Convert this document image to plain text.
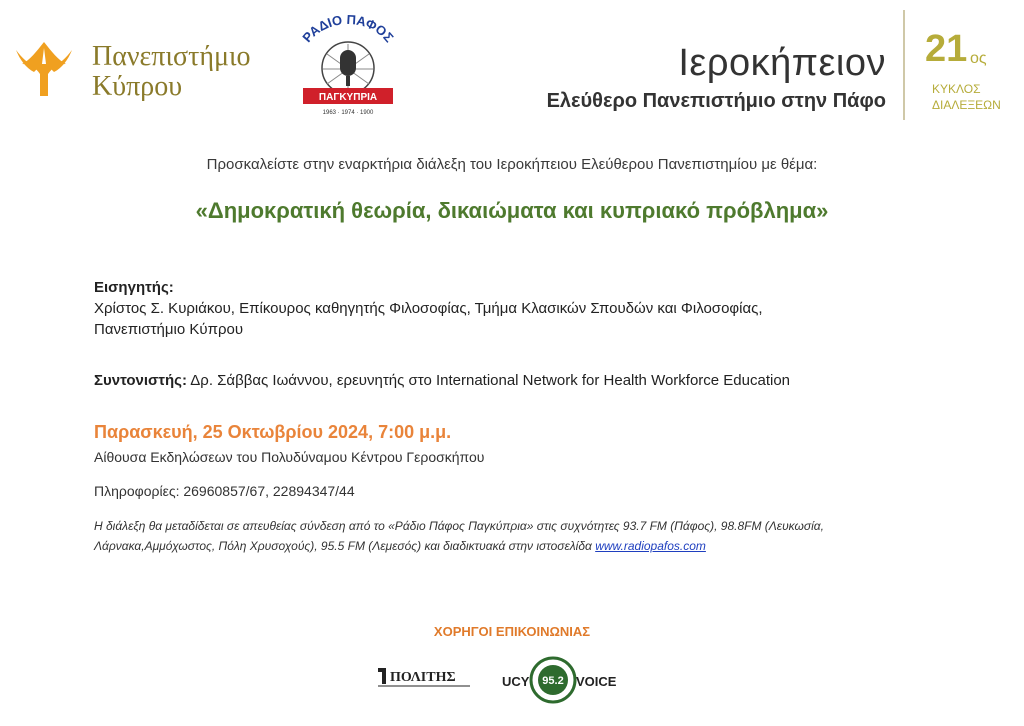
Πανεπιστήμιο
Κύπρου
ΡΑΔΙΟ ΠΑΦΟΣ
ΠΑΓΚΥΠΡΙΑ
1963 · 1974 · 1900
Ιεροκήπειον
Ελεύθερο Πανεπιστήμιο στην Πάφο
21 ος
ΚΥΚΛΟΣ
ΔΙΑΛΕΞΕΩΝ
Προσκαλείστε στην εναρκτήρια διάλεξη του Ιεροκήπειου Ελεύθερου Πανεπιστημίου με θέμα:
«Δημοκρατική θεωρία, δικαιώματα και κυπριακό πρόβλημα»
Εισηγητής:
Χρίστος Σ. Κυριάκου, Επίκουρος καθηγητής Φιλοσοφίας, Τμήμα Κλασικών Σπουδών και Φιλοσοφίας,
Πανεπιστήμιο Κύπρου
Συντονιστής: Δρ. Σάββας Ιωάννου, ερευνητής στο International Network for Health Workforce Education
Παρασκευή, 25 Οκτωβρίου 2024, 7:00 μ.μ.
Αίθουσα Εκδηλώσεων του Πολυδύναμου Κέντρου Γεροσκήπου
Πληροφορίες: 26960857/67, 22894347/44
Η διάλεξη θα μεταδίδεται σε απευθείας σύνδεση από το «Ράδιο Πάφος Παγκύπρια» στις συχνότητες 93.7 FM (Πάφος), 98.8FM (Λευκωσία, Λάρνακα,Αμμόχωστος, Πόλη Χρυσοχούς), 95.5 FM (Λεμεσός) και διαδικτυακά στην ιστοσελίδα www.radiopafos.com
ΧΟΡΗΓΟΙ ΕΠΙΚΟΙΝΩΝΙΑΣ
ΠΟΛΙΤΗΣ	UCY 95.2 VOICE
